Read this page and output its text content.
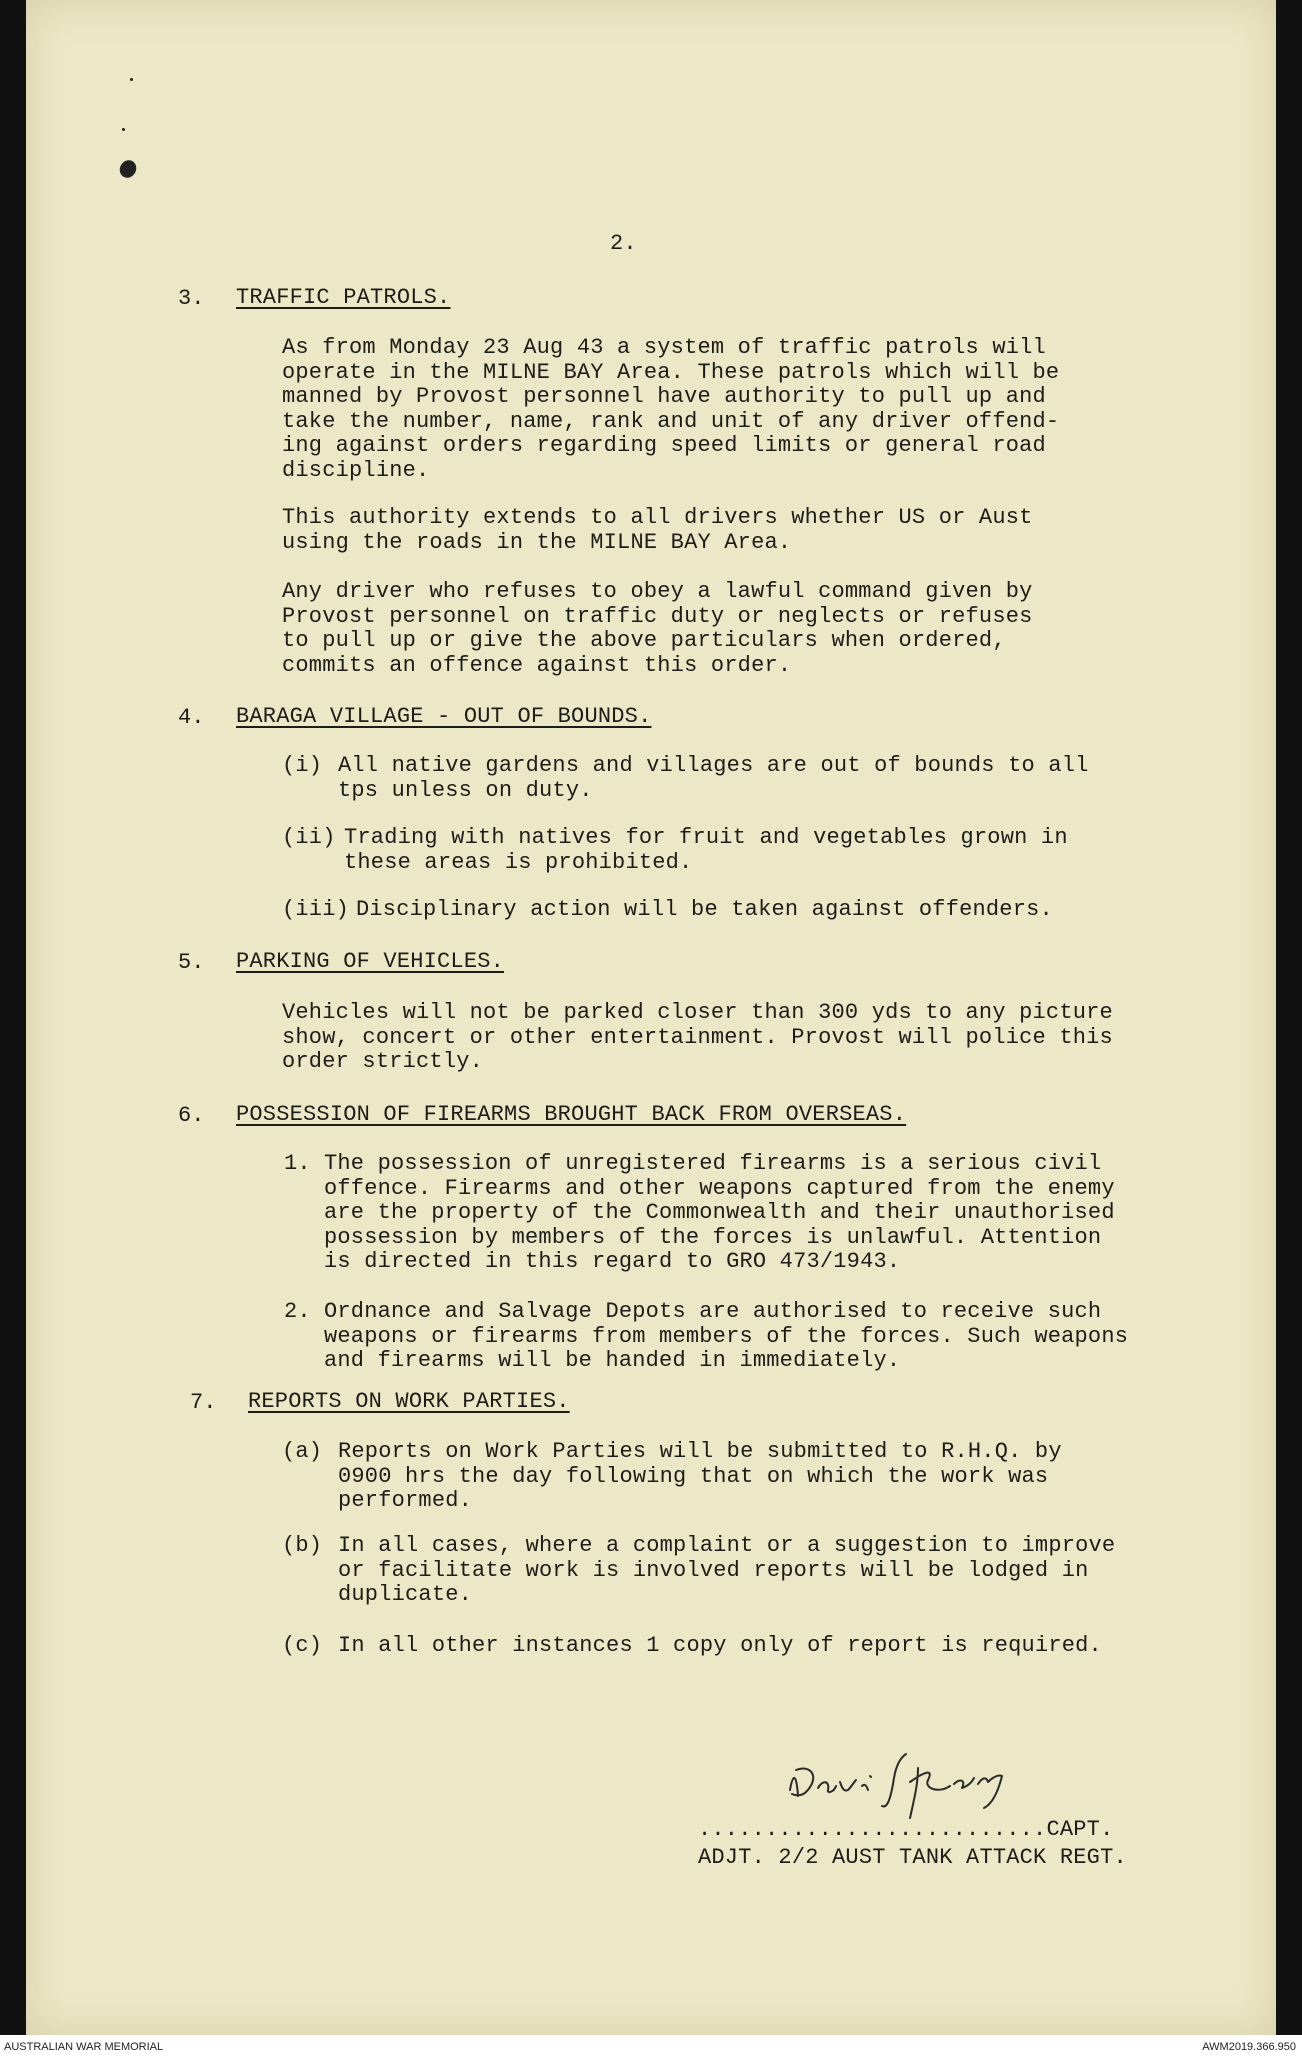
2.
3. TRAFFIC PATROLS.
As from Monday 23 Aug 43 a system of traffic patrols will
operate in the MILNE BAY Area. These patrols which will be
manned by Provost personnel have authority to pull up and
take the number, name, rank and unit of any driver offend-
ing against orders regarding speed limits or general road
discipline.
This authority extends to all drivers whether US or Aust
using the roads in the MILNE BAY Area.
Any driver who refuses to obey a lawful command given by
Provost personnel on traffic duty or neglects or refuses
to pull up or give the above particulars when ordered,
commits an offence against this order.
4. BARAGA VILLAGE - OUT OF BOUNDS.
(i) All native gardens and villages are out of bounds to all
tps unless on duty.
(ii) Trading with natives for fruit and vegetables grown in
these areas is prohibited.
(iii) Disciplinary action will be taken against offenders.
5. PARKING OF VEHICLES.
Vehicles will not be parked closer than 300 yds to any picture
show, concert or other entertainment. Provost will police this
order strictly.
6. POSSESSION OF FIREARMS BROUGHT BACK FROM OVERSEAS.
1. The possession of unregistered firearms is a serious civil
offence. Firearms and other weapons captured from the enemy
are the property of the Commonwealth and their unauthorised
possession by members of the forces is unlawful. Attention
is directed in this regard to GRO 473/1943.
2. Ordnance and Salvage Depots are authorised to receive such
weapons or firearms from members of the forces. Such weapons
and firearms will be handed in immediately.
7. REPORTS ON WORK PARTIES.
(a) Reports on Work Parties will be submitted to R.H.Q. by
0900 hrs the day following that on which the work was
performed.
(b) In all cases, where a complaint or a suggestion to improve
or facilitate work is involved reports will be lodged in
duplicate.
(c) In all other instances 1 copy only of report is required.
..........................CAPT.
ADJT. 2/2 AUST TANK ATTACK REGT.
AUSTRALIAN WAR MEMORIAL	AWM2019.366.950
